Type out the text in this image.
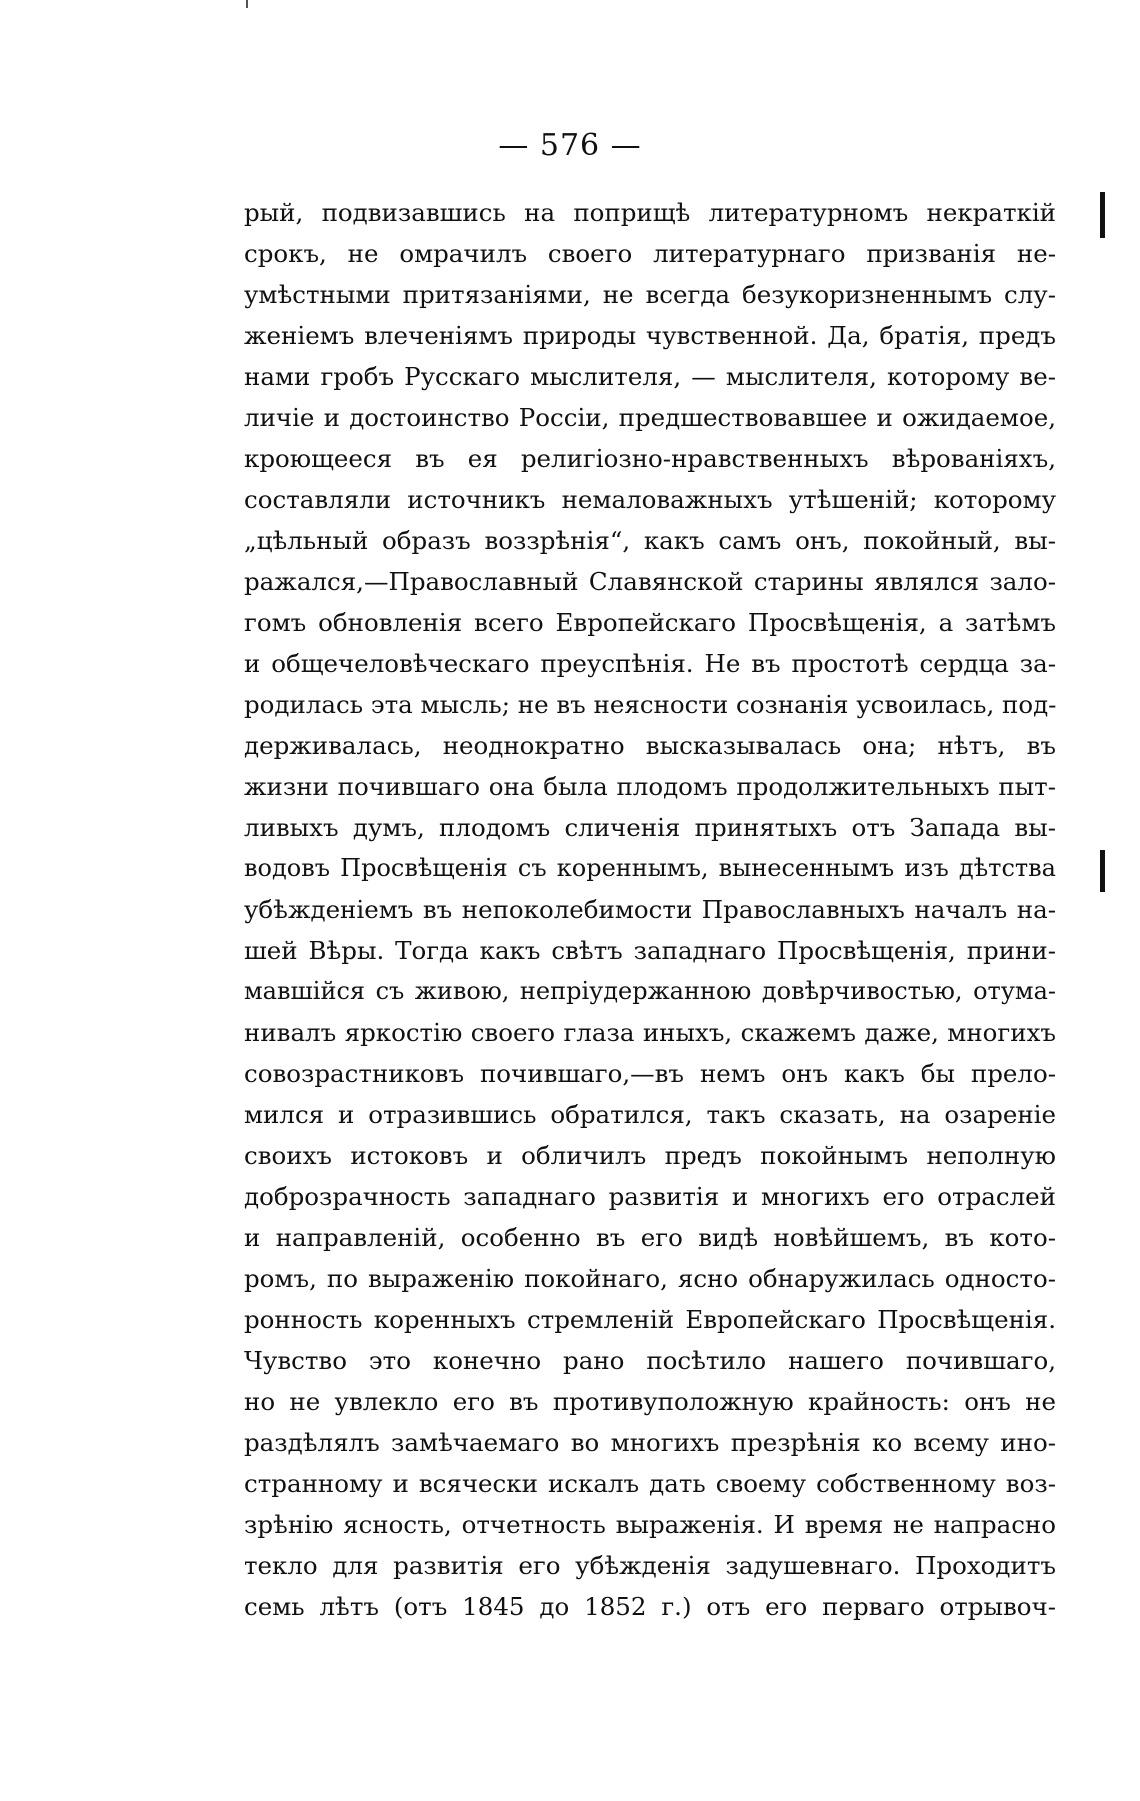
— 576 —
рый, подвизавшись на поприщѣ литературномъ некраткій
срокъ, не омрачилъ своего литературнаго призванія не-
умѣстными притязаніями, не всегда безукоризненнымъ слу-
женіемъ влеченіямъ природы чувственной. Да, братія, предъ
нами гробъ Русскаго мыслителя, — мыслителя, которому ве-
личіе и достоинство Россіи, предшествовавшее и ожидаемое,
кроющееся въ ея религіозно-нравственныхъ вѣрованіяхъ,
составляли источникъ немаловажныхъ утѣшеній; которому
„цѣльный образъ воззрѣнія“, какъ самъ онъ, покойный, вы-
ражался,—Православный Славянской старины являлся зало-
гомъ обновленія всего Европейскаго Просвѣщенія, а затѣмъ
и общечеловѣческаго преуспѣнія. Не въ простотѣ сердца за-
родилась эта мысль; не въ неясности сознанія усвоилась, под-
держивалась, неоднократно высказывалась она; нѣтъ, въ
жизни почившаго она была плодомъ продолжительныхъ пыт-
ливыхъ думъ, плодомъ сличенія принятыхъ отъ Запада вы-
водовъ Просвѣщенія съ кореннымъ, вынесеннымъ изъ дѣтства
убѣжденіемъ въ непоколебимости Православныхъ началъ на-
шей Вѣры. Тогда какъ свѣтъ западнаго Просвѣщенія, прини-
мавшійся съ живою, непріудержанною довѣрчивостью, отума-
нивалъ яркостію своего глаза иныхъ, скажемъ даже, многихъ
совозрастниковъ почившаго,—въ немъ онъ какъ бы прело-
мился и отразившись обратился, такъ сказать, на озареніе
своихъ истоковъ и обличилъ предъ покойнымъ неполную
доброзрачность западнаго развитія и многихъ его отраслей
и направленій, особенно въ его видѣ новѣйшемъ, въ кото-
ромъ, по выраженію покойнаго, ясно обнаружилась односто-
ронность коренныхъ стремленій Европейскаго Просвѣщенія.
Чувство это конечно рано посѣтило нашего почившаго,
но не увлекло его въ противуположную крайность: онъ не
раздѣлялъ замѣчаемаго во многихъ презрѣнія ко всему ино-
странному и всячески искалъ дать своему собственному воз-
зрѣнію ясность, отчетность выраженія. И время не напрасно
текло для развитія его убѣжденія задушевнаго. Проходитъ
семь лѣтъ (отъ 1845 до 1852 г.) отъ его перваго отрывоч-
